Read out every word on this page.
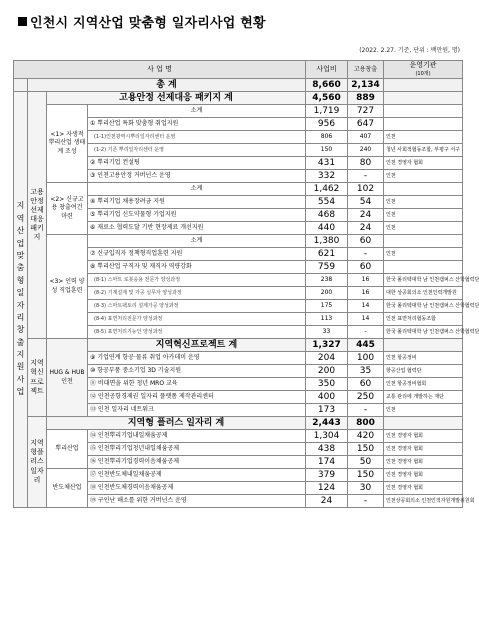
인천시 지역산업 맞춤형 일자리사업 현황
(2022. 2.27. 기준, 단위 : 백만원, 명)
사 업 명				사업비	고용창출	운영기관
(10개)
	총 계			8,660	2,134	
지역산업맞춤형일자리창출지원사업	고용안정선제대응패키지	고용안정 선제대응 패키지 계		4,560	889	
		<1> 자생적 뿌리산업 생태계 조성	소계	1,719	727	
			① 뿌리산업 특화 맞춤형 취업지원	956	647	
			(1-1)인천광역시뿌리일자리센터 운영	806	407	인천
			(1-2) 기존 뿌리일자리센터 운영	150	240	청년 사회적협동조합, 부평구 서구
			② 뿌리기업 컨설팅	431	80	인천 경영자 협회
			③ 인천고용안정 거버넌스 운영	332	-	인천
		<2> 신규고용 창출여건 마련	소계	1,462	102	
			④ 뿌리기업 채용장려금 지원	554	54	인천
			⑤ 뿌리기업 신도약물형 기업지원	468	24	인천
			⑥ 재료소 협력도달 기반 현장제료 개선지원	440	24	인천
		<3> 인력 양성 직업훈련	소계	1,380	60	
			⑦ 신규입직자 정책형직업훈련 지원	621	-	인천
			⑧ 뿌리산업 구직자 및 재직자 역량강화	759	60	
			(8-1) 스마트 로봇응용 전문가 양성과정	238	16	한국 폴리텍대학 남 인천캠퍼스 산학협력단
			(8-2) 기계설계 및 가공 실무자 양성과정	200	16	대한 상공회의소 인천인력개발원
			(8-3) 스마트팩토리 설계가공 양성과정	175	14	한국 폴리텍대학 남 인천캠퍼스 산학협력단
			(8-4) 표면처리전문가 양성과정	113	14	인천 표면처리협동조합
			(8-5) 표면처리기능인 양성과정	33	-	한국 폴리텍대학 남 인천캠퍼스 산학협력단
	지역혁신프로젝트	HUG & HUB 인천	지역혁신프로젝트 계	1,327	445	
			⑨ 기업연계 항공·물류 취업 아카데미 운영	204	100	인천 항공정비
			⑩ 항공부품 중소기업 3D 기술지원	200	35	항공산업 협력단
			⑪ 비대면을 위한 청년 MRO 교육	350	60	인천 항공정비협회
			⑫ 인천공항경제권 일자리 플랫폼 제작관리센터	400	250	교통 관리에 개발하는 재단
			⑬ 인천 일자리 네트워크	173	-	인천
	지역형플러스일자리	지역형 플러스 일자리 계		2,443	800	
		뿌리산업	⑭ 인천뿌리기업내일채움공제	1,304	420	인천 경영자 협회
			⑮ 인천뿌리기업청년내일채움공제	438	150	인천 경영자 협회
			⑯ 인천뿌리기업경력이음채움공제	174	50	인천 경영자 협회
		반도체산업	⑰ 인천반도체내일채움공제	379	150	인천 경영자 협회
			⑱ 인천반도체경력이음채움공제	124	30	인천 경영자 협회
			⑲ 구인난 해소를 위한 거버넌스 운영	24	-	인천상공회의소 인천인적자원개발위원회
